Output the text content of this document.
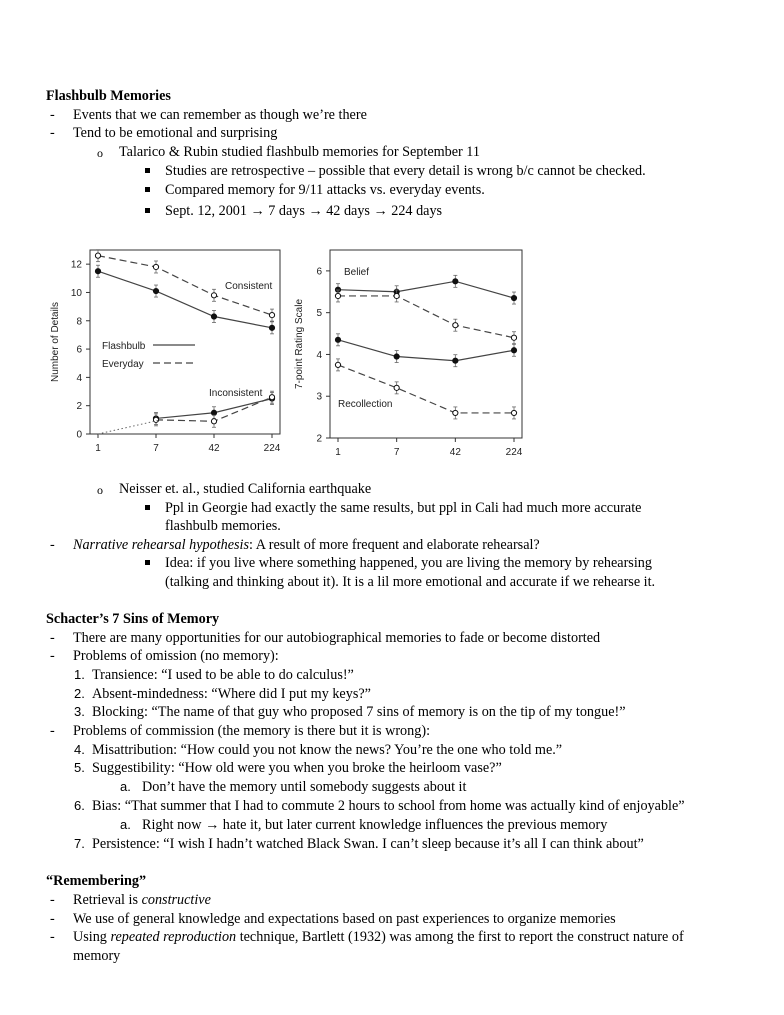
Flashbulb Memories
- Events that we can remember as though we’re there
- Tend to be emotional and surprising
o Talarico & Rubin studied flashbulb memories for September 11
Studies are retrospective – possible that every detail is wrong b/c cannot be checked.
Compared memory for 9/11 attacks vs. everyday events.
Sept. 12, 2001 → 7 days → 42 days → 224 days
0
2
4
6
8
10
12
1	7	42	224
Number of Details
Consistent
Inconsistent
Flashbulb
Everyday
2
3
4
5
6
1	7	42	224
7-point Rating Scale
Belief
Recollection
o Neisser et. al., studied California earthquake
Ppl in Georgie had exactly the same results, but ppl in Cali had much more accurate
flashbulb memories.
- Narrative rehearsal hypothesis: A result of more frequent and elaborate rehearsal?
Idea: if you live where something happened, you are living the memory by rehearsing
(talking and thinking about it). It is a lil more emotional and accurate if we rehearse it.
Schacter’s 7 Sins of Memory
- There are many opportunities for our autobiographical memories to fade or become distorted
- Problems of omission (no memory):
1. Transience: “I used to be able to do calculus!”
2. Absent-mindedness: “Where did I put my keys?”
3. Blocking: “The name of that guy who proposed 7 sins of memory is on the tip of my tongue!”
- Problems of commission (the memory is there but it is wrong):
4. Misattribution: “How could you not know the news? You’re the one who told me.”
5. Suggestibility: “How old were you when you broke the heirloom vase?”
a. Don’t have the memory until somebody suggests about it
6. Bias: “That summer that I had to commute 2 hours to school from home was actually kind of enjoyable”
a. Right now → hate it, but later current knowledge influences the previous memory
7. Persistence: “I wish I hadn’t watched Black Swan. I can’t sleep because it’s all I can think about”
“Remembering”
- Retrieval is constructive
- We use of general knowledge and expectations based on past experiences to organize memories
- Using repeated reproduction technique, Bartlett (1932) was among the first to report the construct nature of
memory
